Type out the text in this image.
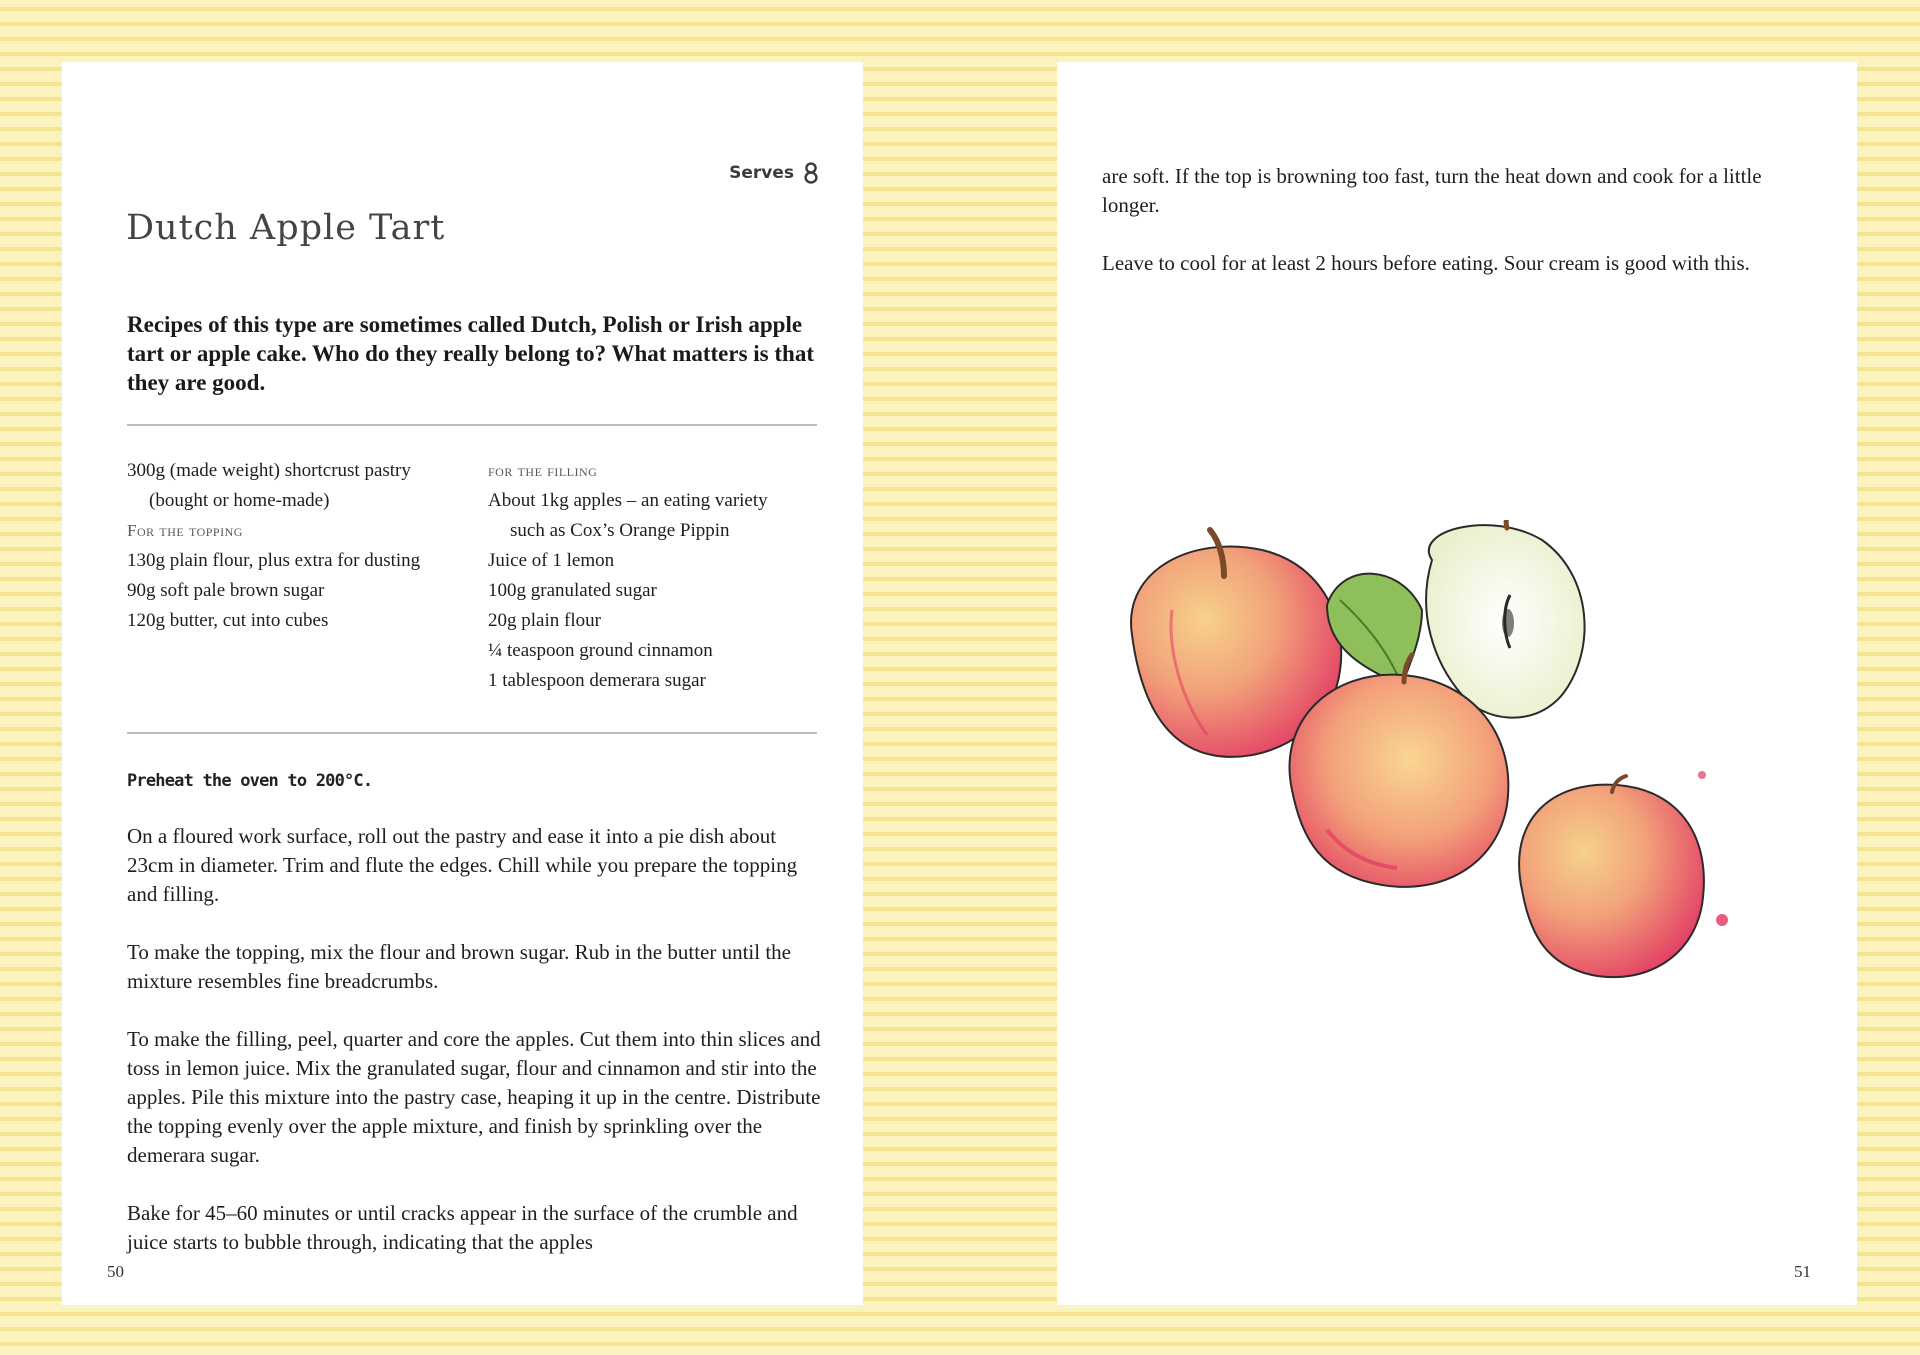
Serves
Dutch Apple Tart

Recipes of this type are sometimes called Dutch, Polish or Irish apple tart or apple cake. Who do they really belong to? What matters is that they are good.

300g (made weight) shortcrust pastry
(bought or home-made)
For the topping
130g plain flour, plus extra for dusting
90g soft pale brown sugar
120g butter, cut into cubes
for the filling
About 1kg apples – an eating variety
such as Cox’s Orange Pippin
Juice of 1 lemon
100g granulated sugar
20g plain flour
¼ teaspoon ground cinnamon
1 tablespoon demerara sugar

Preheat the oven to 200°C.

On a floured work surface, roll out the pastry and ease it into a pie dish about 23cm in diameter. Trim and flute the edges. Chill while you prepare the topping and filling.

To make the topping, mix the flour and brown sugar. Rub in the butter until the mixture resembles fine breadcrumbs.

To make the filling, peel, quarter and core the apples. Cut them into thin slices and toss in lemon juice. Mix the granulated sugar, flour and cinnamon and stir into the apples. Pile this mixture into the pastry case, heaping it up in the centre. Distribute the topping evenly over the apple mixture, and finish by sprinkling over the demerara sugar.

Bake for 45–60 minutes or until cracks appear in the surface of the crumble and juice starts to bubble through, indicating that the apples

50

are soft. If the top is browning too fast, turn the heat down and cook for a little longer.

Leave to cool for at least 2 hours before eating. Sour cream is good with this.

51
